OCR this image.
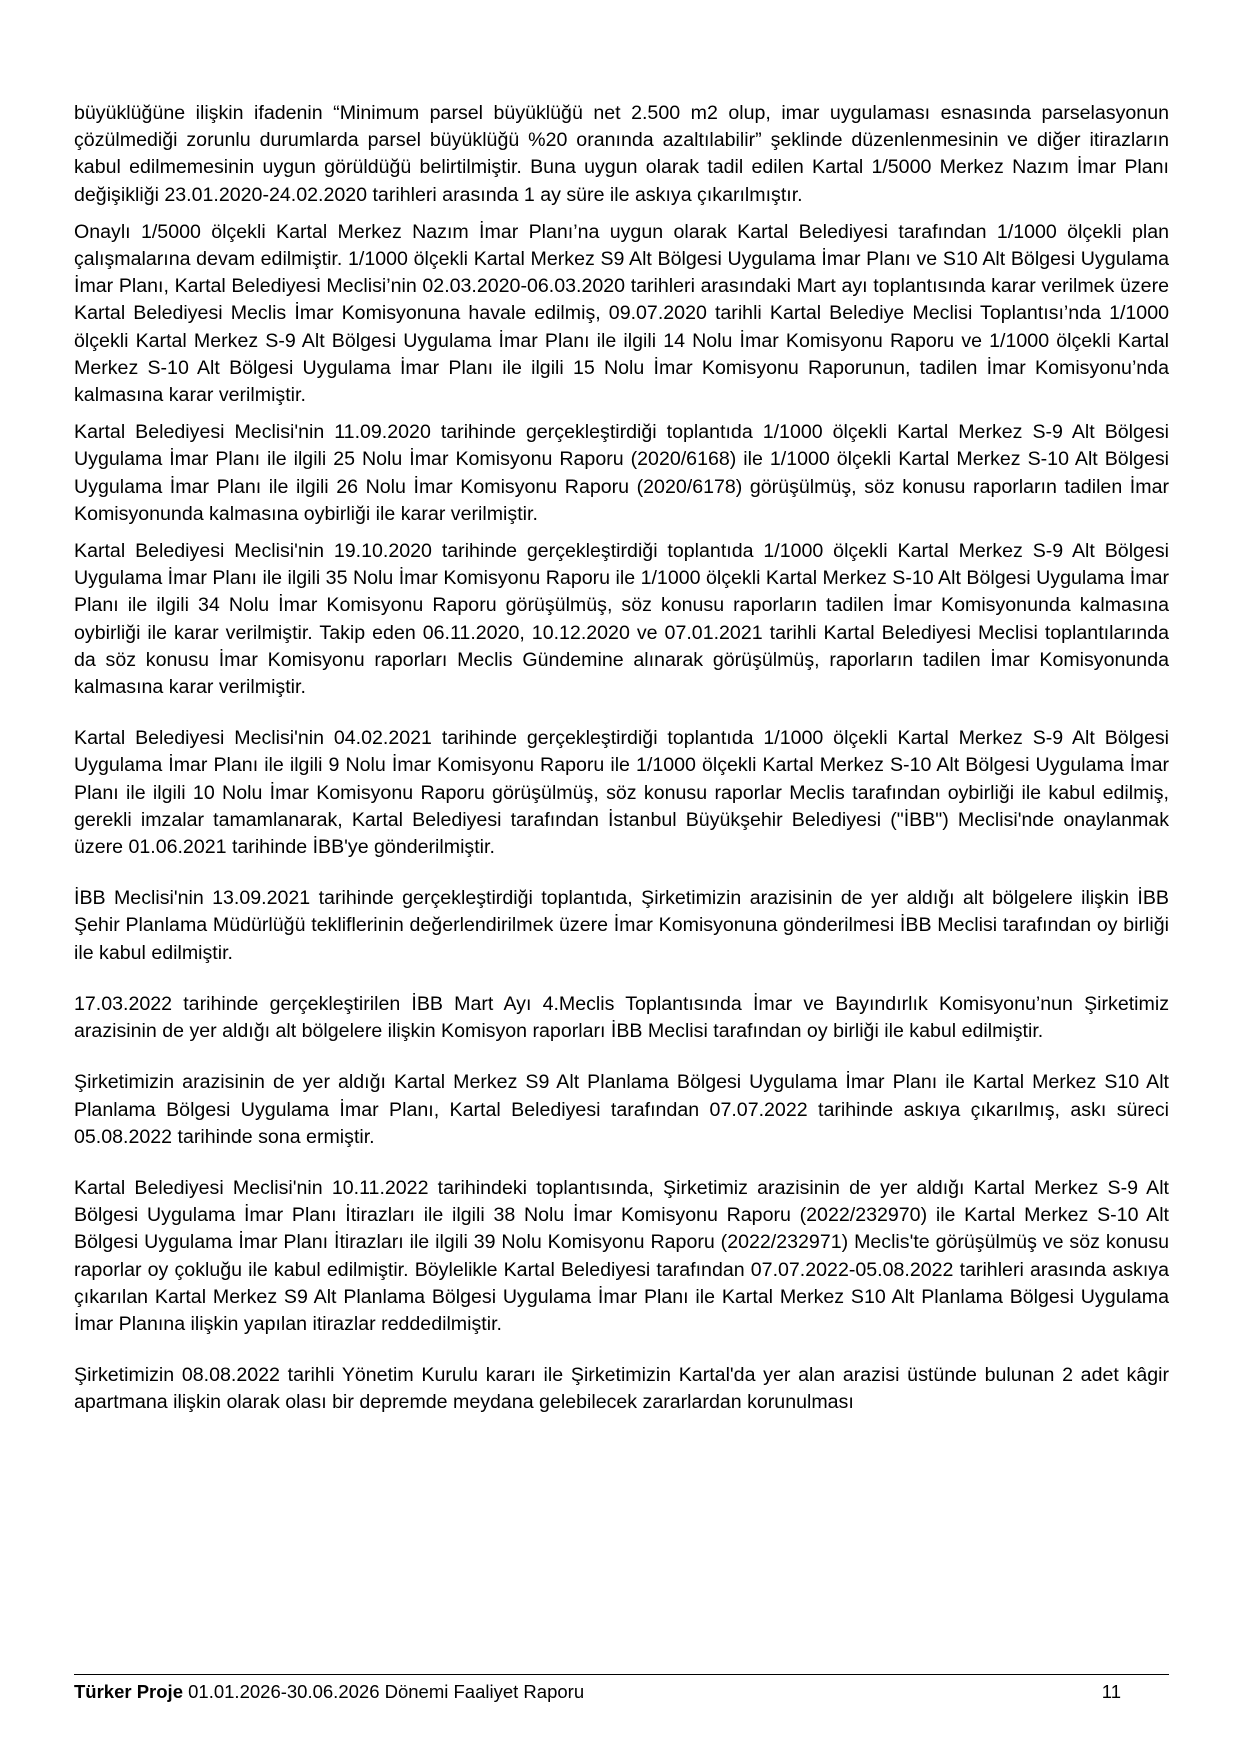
büyüklüğüne ilişkin ifadenin “Minimum parsel büyüklüğü net 2.500 m2 olup, imar uygulaması esnasında parselasyonun çözülmediği zorunlu durumlarda parsel büyüklüğü %20 oranında azaltılabilir” şeklinde düzenlenmesinin ve diğer itirazların kabul edilmemesinin uygun görüldüğü belirtilmiştir. Buna uygun olarak tadil edilen Kartal 1/5000 Merkez Nazım İmar Planı değişikliği 23.01.2020-24.02.2020 tarihleri arasında 1 ay süre ile askıya çıkarılmıştır.

Onaylı 1/5000 ölçekli Kartal Merkez Nazım İmar Planı’na uygun olarak Kartal Belediyesi tarafından 1/1000 ölçekli plan çalışmalarına devam edilmiştir. 1/1000 ölçekli Kartal Merkez S9 Alt Bölgesi Uygulama İmar Planı ve S10 Alt Bölgesi Uygulama İmar Planı, Kartal Belediyesi Meclisi’nin 02.03.2020-06.03.2020 tarihleri arasındaki Mart ayı toplantısında karar verilmek üzere Kartal Belediyesi Meclis İmar Komisyonuna havale edilmiş, 09.07.2020 tarihli Kartal Belediye Meclisi Toplantısı’nda 1/1000 ölçekli Kartal Merkez S-9 Alt Bölgesi Uygulama İmar Planı ile ilgili 14 Nolu İmar Komisyonu Raporu ve 1/1000 ölçekli Kartal Merkez S-10 Alt Bölgesi Uygulama İmar Planı ile ilgili 15 Nolu İmar Komisyonu Raporunun, tadilen İmar Komisyonu’nda kalmasına karar verilmiştir.

Kartal Belediyesi Meclisi'nin 11.09.2020 tarihinde gerçekleştirdiği toplantıda 1/1000 ölçekli Kartal Merkez S-9 Alt Bölgesi Uygulama İmar Planı ile ilgili 25 Nolu İmar Komisyonu Raporu (2020/6168) ile 1/1000 ölçekli Kartal Merkez S-10 Alt Bölgesi Uygulama İmar Planı ile ilgili 26 Nolu İmar Komisyonu Raporu (2020/6178) görüşülmüş, söz konusu raporların tadilen İmar Komisyonunda kalmasına oybirliği ile karar verilmiştir.

Kartal Belediyesi Meclisi'nin 19.10.2020 tarihinde gerçekleştirdiği toplantıda 1/1000 ölçekli Kartal Merkez S-9 Alt Bölgesi Uygulama İmar Planı ile ilgili 35 Nolu İmar Komisyonu Raporu ile 1/1000 ölçekli Kartal Merkez S-10 Alt Bölgesi Uygulama İmar Planı ile ilgili 34 Nolu İmar Komisyonu Raporu görüşülmüş, söz konusu raporların tadilen İmar Komisyonunda kalmasına oybirliği ile karar verilmiştir. Takip eden 06.11.2020, 10.12.2020 ve 07.01.2021 tarihli Kartal Belediyesi Meclisi toplantılarında da söz konusu İmar Komisyonu raporları Meclis Gündemine alınarak görüşülmüş, raporların tadilen İmar Komisyonunda kalmasına karar verilmiştir.

Kartal Belediyesi Meclisi'nin 04.02.2021 tarihinde gerçekleştirdiği toplantıda 1/1000 ölçekli Kartal Merkez S-9 Alt Bölgesi Uygulama İmar Planı ile ilgili 9 Nolu İmar Komisyonu Raporu ile 1/1000 ölçekli Kartal Merkez S-10 Alt Bölgesi Uygulama İmar Planı ile ilgili 10 Nolu İmar Komisyonu Raporu görüşülmüş, söz konusu raporlar Meclis tarafından oybirliği ile kabul edilmiş, gerekli imzalar tamamlanarak, Kartal Belediyesi tarafından İstanbul Büyükşehir Belediyesi ("İBB") Meclisi'nde onaylanmak üzere 01.06.2021 tarihinde İBB'ye gönderilmiştir.

İBB Meclisi'nin 13.09.2021 tarihinde gerçekleştirdiği toplantıda, Şirketimizin arazisinin de yer aldığı alt bölgelere ilişkin İBB Şehir Planlama Müdürlüğü tekliflerinin değerlendirilmek üzere İmar Komisyonuna gönderilmesi İBB Meclisi tarafından oy birliği ile kabul edilmiştir.

17.03.2022 tarihinde gerçekleştirilen İBB Mart Ayı 4.Meclis Toplantısında İmar ve Bayındırlık Komisyonu’nun Şirketimiz arazisinin de yer aldığı alt bölgelere ilişkin Komisyon raporları İBB Meclisi tarafından oy birliği ile kabul edilmiştir.

Şirketimizin arazisinin de yer aldığı Kartal Merkez S9 Alt Planlama Bölgesi Uygulama İmar Planı ile Kartal Merkez S10 Alt Planlama Bölgesi Uygulama İmar Planı, Kartal Belediyesi tarafından 07.07.2022 tarihinde askıya çıkarılmış, askı süreci 05.08.2022 tarihinde sona ermiştir.

Kartal Belediyesi Meclisi'nin 10.11.2022 tarihindeki toplantısında, Şirketimiz arazisinin de yer aldığı Kartal Merkez S-9 Alt Bölgesi Uygulama İmar Planı İtirazları ile ilgili 38 Nolu İmar Komisyonu Raporu (2022/232970) ile Kartal Merkez S-10 Alt Bölgesi Uygulama İmar Planı İtirazları ile ilgili 39 Nolu Komisyonu Raporu (2022/232971) Meclis'te görüşülmüş ve söz konusu raporlar oy çokluğu ile kabul edilmiştir. Böylelikle Kartal Belediyesi tarafından 07.07.2022-05.08.2022 tarihleri arasında askıya çıkarılan Kartal Merkez S9 Alt Planlama Bölgesi Uygulama İmar Planı ile Kartal Merkez S10 Alt Planlama Bölgesi Uygulama İmar Planına ilişkin yapılan itirazlar reddedilmiştir.

Şirketimizin 08.08.2022 tarihli Yönetim Kurulu kararı ile Şirketimizin Kartal'da yer alan arazisi üstünde bulunan 2 adet kâgir apartmana ilişkin olarak olası bir depremde meydana gelebilecek zararlardan korunulması

Türker Proje 01.01.2026-30.06.2026 Dönemi Faaliyet Raporu	11
